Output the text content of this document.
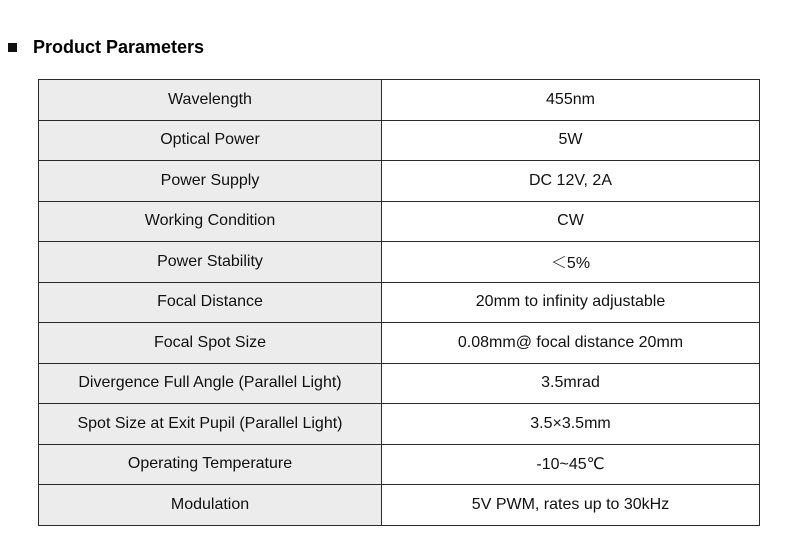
Product Parameters
Wavelength	455nm
Optical Power	5W
Power Supply	DC 12V, 2A
Working Condition	CW
Power Stability	＜5%
Focal Distance	20mm to infinity adjustable
Focal Spot Size	0.08mm@ focal distance 20mm
Divergence Full Angle (Parallel Light)	3.5mrad
Spot Size at Exit Pupil (Parallel Light)	3.5×3.5mm
Operating Temperature	-10~45℃
Modulation	5V PWM, rates up to 30kHz
